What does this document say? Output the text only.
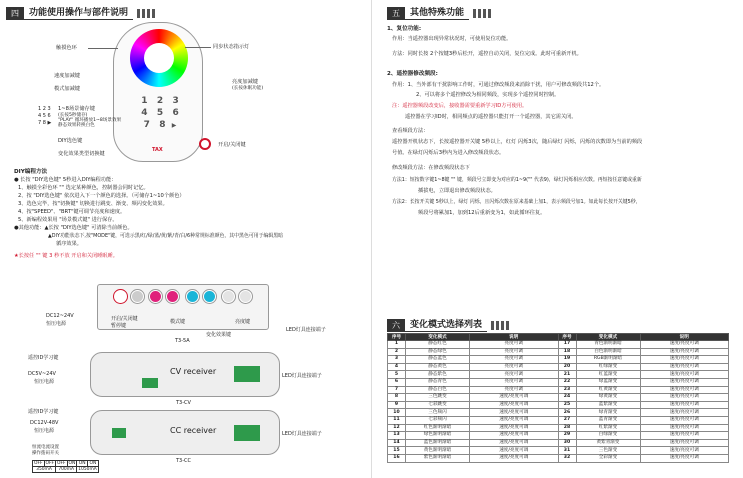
四	功能使用操作与部件说明
1 2 3
4 5 6
7 8 ▶
TAX
触摸色环	同步状态指示灯
速度加减键
模式加减键
亮度加减键
(长按休眠功能)
1 2 3
4 5 6
7 8 ▶
1~8场景储存键
(长按5秒储存)
"PLAY" 循环播放1~8场景效果
静态效果转换白色
DIY选色键
变化效果类型切换键
开启/关闭键
DIY编程方法
● 长按 "DIY选色键" 5秒进入DIY编程功能：
1、触摸全彩色环 "" 选定某种颜色，控制器会同时记忆。
2、按 "DIY选色键" 依次进入下一个颜色的选择。（可储存1~10个颜色）
3、选色完毕，按"切换键" 切换进行跳变、渐变、频闪变化效果。
4、按"SPEED"、"BRT"键可调节亮度和速度。
5、新编程效果用 "场景模式键" 进行保存。
●其他功能：▲长按 "DIY选色键" 可清除当前颜色。
▲DIY功能状态下,按"MODE"键，可选示黑/红/绿/蓝/黄/紫/青/白/6种常规标准颜色，其中黑色可用于编辑黑暗
循序效果。
★长按任 "" 键 3 秒不放 开启和关闭睡眠睡。
DC12~24V
恒压电源
开启/关闭键
暂停键
模式键	亮度键
变化效果键
LED灯具连接端子
T3-5A
CV receiver
遥控ID学习键
DC5V~24V
恒压电源
LED灯具连接端子
T3-CV
CC receiver
遥控ID学习键
DC12V-48V
恒压电源	LED灯具连接端子
T3-CC
恒流电流设置
操作拨码开关
OFF	OFF	OFF	ON	ON	ON
350mA		700mA		1050mA	
五	其他特殊功能
1、复位功能:
作用：当遥控器出现异常状况时，可使用复位功能。
方法：同时长按 2个按键3秒后松开，遥控自动关闭，复位完成。此时可重新开机。
2、遥控器修改频段:
作用：1、当外部有干扰影响工作时，可通过修改频段来消除干扰，用户可修改频段共12个。
2、可以将多个遥控修改为相同频段，实现多个遥控同时控制。
注：遥控器频段改变后，接收器需要重新学习ID方可使用。
遥控器在学习ID时，相同频点的遥控器只能打开一个遥控器，其它需关闭。
查看频段方法：
遥控器开机状态下，长按遥控器开关键 5秒以上，红灯 闪烁3次，随后绿灯 闪烁，闪烁的次数即为当前的频段
号值。在绿灯闪烁后3秒内为进入修改频段状态。
修改频段方法：在修改频段状态下
方法1：短按数字键1~8键 "" 键，频段号立即变为对应的1~9("" 代表9)，绿灯闪烁相应次数。再短按任意键或重新
插拔电，立即退出修改频段状态。
方法2：长按开关键 5秒以上，绿灯 闪烁，且闪烁次数在原来基础上加1，表示频段号加1。如此每长按开关键5秒，
频段号将累加1，加到12后重新变为1，如此循环往复。
六	变化模式选择列表
序号	变化模式	说明	序号	变化模式	说明
1	静态红色	亮度可调	17	青色渐明渐暗	速度/亮度可调
2	静态绿色	亮度可调	18	白色渐明渐暗	速度/亮度可调
3	静态蓝色	亮度可调	19	RGB渐明渐暗	速度/亮度可调
4	静态黄色	亮度可调	20	红绿渐变	速度/亮度可调
5	静态紫色	亮度可调	21	红蓝渐变	速度/亮度可调
6	静态青色	亮度可调	22	绿蓝渐变	速度/亮度可调
7	静态白色	亮度可调	23	红黄渐变	速度/亮度可调
8	三色跳变	速度/亮度可调	24	绿黄渐变	速度/亮度可调
9	七彩跳变	速度/亮度可调	25	蓝紫渐变	速度/亮度可调
10	三色频闪	速度/亮度可调	26	绿青渐变	速度/亮度可调
11	七彩频闪	速度/亮度可调	27	蓝青渐变	速度/亮度可调
12	红色渐明渐暗	速度/亮度可调	28	红紫渐变	速度/亮度可调
13	绿色渐明渐暗	速度/亮度可调	29	白绿渐变	速度/亮度可调
14	蓝色渐明渐暗	速度/亮度可调	30	黄紫青渐变	速度/亮度可调
15	黄色渐明渐暗	速度/亮度可调	31	三色渐变	速度/亮度可调
16	紫色渐明渐暗	速度/亮度可调	32	全彩渐变	速度/亮度可调
